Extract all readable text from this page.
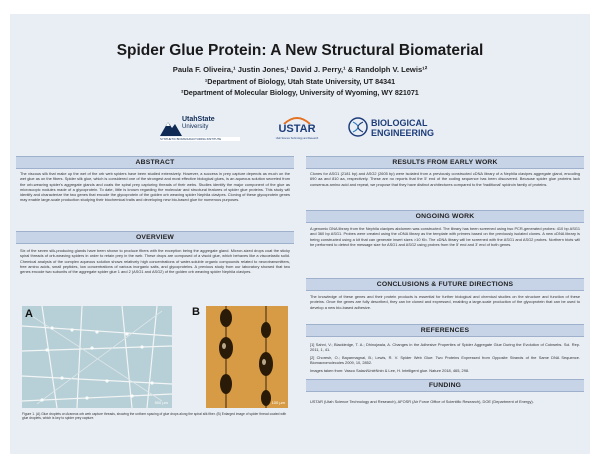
Spider Glue Protein: A New Structural Biomaterial
Paula F. Oliveira,¹ Justin Jones,¹ David J. Perry,¹ & Randolph V. Lewis¹²
¹Department of Biology, Utah State University, UT 84341
²Department of Molecular Biology, University of Wyoming, WY 821071
UtahState
University
SYNTHETIC BIOMANUFACTURING INSTITUTE
USTAR
Utah Science Technology and Research
BIOLOGICAL
ENGINEERING
ABSTRACT
The viscous silk that make up the wet of the orb web spiders have been studied extensively. However, a success in prey capture depends as much on the wet glue as on the fibers. Spider silk glue, which is considered one of the strongest and most effective biological glues, is an aqueous solution secreted from the orb-weaving spider's aggregate glands and coats the spiral prey capturing threads of their webs. Studies identify the major component of the glue as microscopic nodules made of a glycoprotein. To date, little is known regarding the molecular and structural features of spider glue proteins. This study will identify and characterize the two genes that encode the glycoprotein of the golden orb weaving spider Nephila clavipes. Cloning of these glycoprotein genes may enable large-scale production studying their biochemical traits and developing new bio-based glue for numerous purposes.
OVERVIEW
Six of the seven silk-producing glands have been shown to produce fibers with the exception being the aggregate gland. Micron-sized drops coat the sticky spiral threads of orb-weaving spiders in order to retain prey in the web. These drops are composed of a viscid glue, which behaves like a viscoelastic solid. Chemical analysis of the complex aqueous solution shows relatively high concentrations of water-soluble organic compounds related to neurotransmitters, free amino acids, small peptides, low concentrations of various inorganic salts, and glycoproteins. A previous study from our laboratory showed that two genes encode two subunits of the aggregate spider glue 1 and 2 (ASG1 and ASG2) of the golden orb weaving spider Nephila clavipes.
A
500 µm	100 µm
B
Figure 1. (A) Glue droplets on Araneus orb web capture threads, showing the uniform spacing of glue drops along the spiral silk fiber. (B) Enlarged image of spider thread coated with glue droplets, which is key to spider prey capture.
RESULTS FROM EARLY WORK
Clones for ASG1 (2181 bp) and ASG2 (2605 bp) were isolated from a previously constructed cDNA library of a Nephila clavipes aggregate gland, encoding 690 aa and 810 aa, respectively. These are no reports that the 5' end of the coding sequence has been discovered. Because spider glue proteins lack consensus amino acid and repeat, we propose that they have distinct architectures compared to the 'traditional' spidroin family of proteins.
ONGOING WORK
A genomic DNA library from the Nephila clavipes abdomen was constructed. The library has been screened using two PCR-generated probes: 410 bp ASG1 and 360 bp ASG1. Probes were created using the cDNA library as the template with primers based on the previously isolated clones. A new cDNA library is being constructed using a kit that can generate insert sizes >10 Kb. The cDNA library will be screened with the ASG1 and ASG2 probes. Northern blots will be performed to detect the message size for ASG1 and ASG2 using probes from the 5' end and 3' end of both genes.
CONCLUSIONS & FUTURE DIRECTIONS
The knowledge of these genes and their protein products is essential for further biological and chemical studies on the structure and function of these proteins. Once the genes are fully described, they can be cloned and expressed, enabling a large-scale production of the glycoprotein that can be used to develop a new bio-based adhesive.
REFERENCES
[1] Sahni, V.; Blackledge, T. A.; Dhinojwala, A. Changes in the Adhesive Properties of Spider Aggregate Glue During the Evolution of Cobwebs. Sci. Rep. 2011, 1, 41.
[2] Choresh, O.; Bayarmagnai, B.; Lewis, R. V. Spider Web Glue: Two Proteins Expressed from Opposite Strands of the Same DNA Sequence. Biomacromolecules 2009, 10, 2852.
Images taken from: Vasco Salavi/UniéNnin & Lee, H. Intelligent glue. Nature 2018, 465, 298.
FUNDING
USTAR (Utah Science Technology and Research), AFOSR (Air Force Office of Scientific Research), DOE (Department of Energy).
